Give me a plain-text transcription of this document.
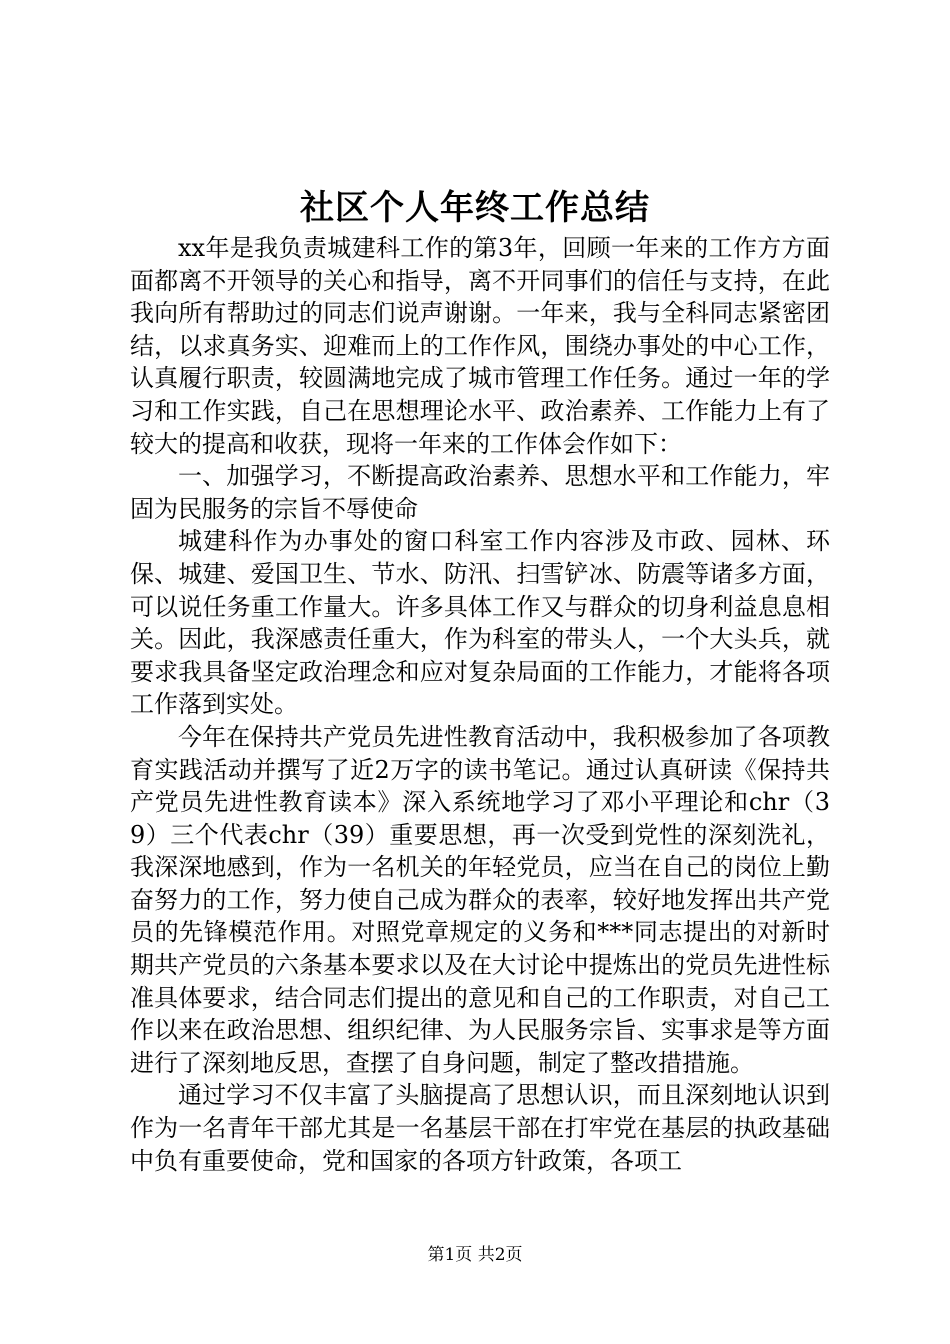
社区个人年终工作总结

xx年是我负责城建科工作的第3年，回顾一年来的工作方方面面都离不开领导的关心和指导，离不开同事们的信任与支持，在此我向所有帮助过的同志们说声谢谢。一年来，我与全科同志紧密团结，以求真务实、迎难而上的工作作风，围绕办事处的中心工作，认真履行职责，较圆满地完成了城市管理工作任务。通过一年的学习和工作实践，自己在思想理论水平、政治素养、工作能力上有了较大的提高和收获，现将一年来的工作体会作如下：

一、加强学习，不断提高政治素养、思想水平和工作能力，牢固为民服务的宗旨不辱使命

城建科作为办事处的窗口科室工作内容涉及市政、园林、环保、城建、爱国卫生、节水、防汛、扫雪铲冰、防震等诸多方面，可以说任务重工作量大。许多具体工作又与群众的切身利益息息相关。因此，我深感责任重大，作为科室的带头人，一个大头兵，就要求我具备坚定政治理念和应对复杂局面的工作能力，才能将各项工作落到实处。

今年在保持共产党员先进性教育活动中，我积极参加了各项教育实践活动并撰写了近2万字的读书笔记。通过认真研读《保持共产党员先进性教育读本》深入系统地学习了邓小平理论和chr（39）三个代表chr（39）重要思想，再一次受到党性的深刻洗礼，我深深地感到，作为一名机关的年轻党员，应当在自己的岗位上勤奋努力的工作，努力使自己成为群众的表率，较好地发挥出共产党员的先锋模范作用。对照党章规定的义务和***同志提出的对新时期共产党员的六条基本要求以及在大讨论中提炼出的党员先进性标准具体要求，结合同志们提出的意见和自己的工作职责，对自己工作以来在政治思想、组织纪律、为人民服务宗旨、实事求是等方面进行了深刻地反思，查摆了自身问题，制定了整改措措施。

通过学习不仅丰富了头脑提高了思想认识，而且深刻地认识到作为一名青年干部尤其是一名基层干部在打牢党在基层的执政基础中负有重要使命，党和国家的各项方针政策，各项工

第1页 共2页
